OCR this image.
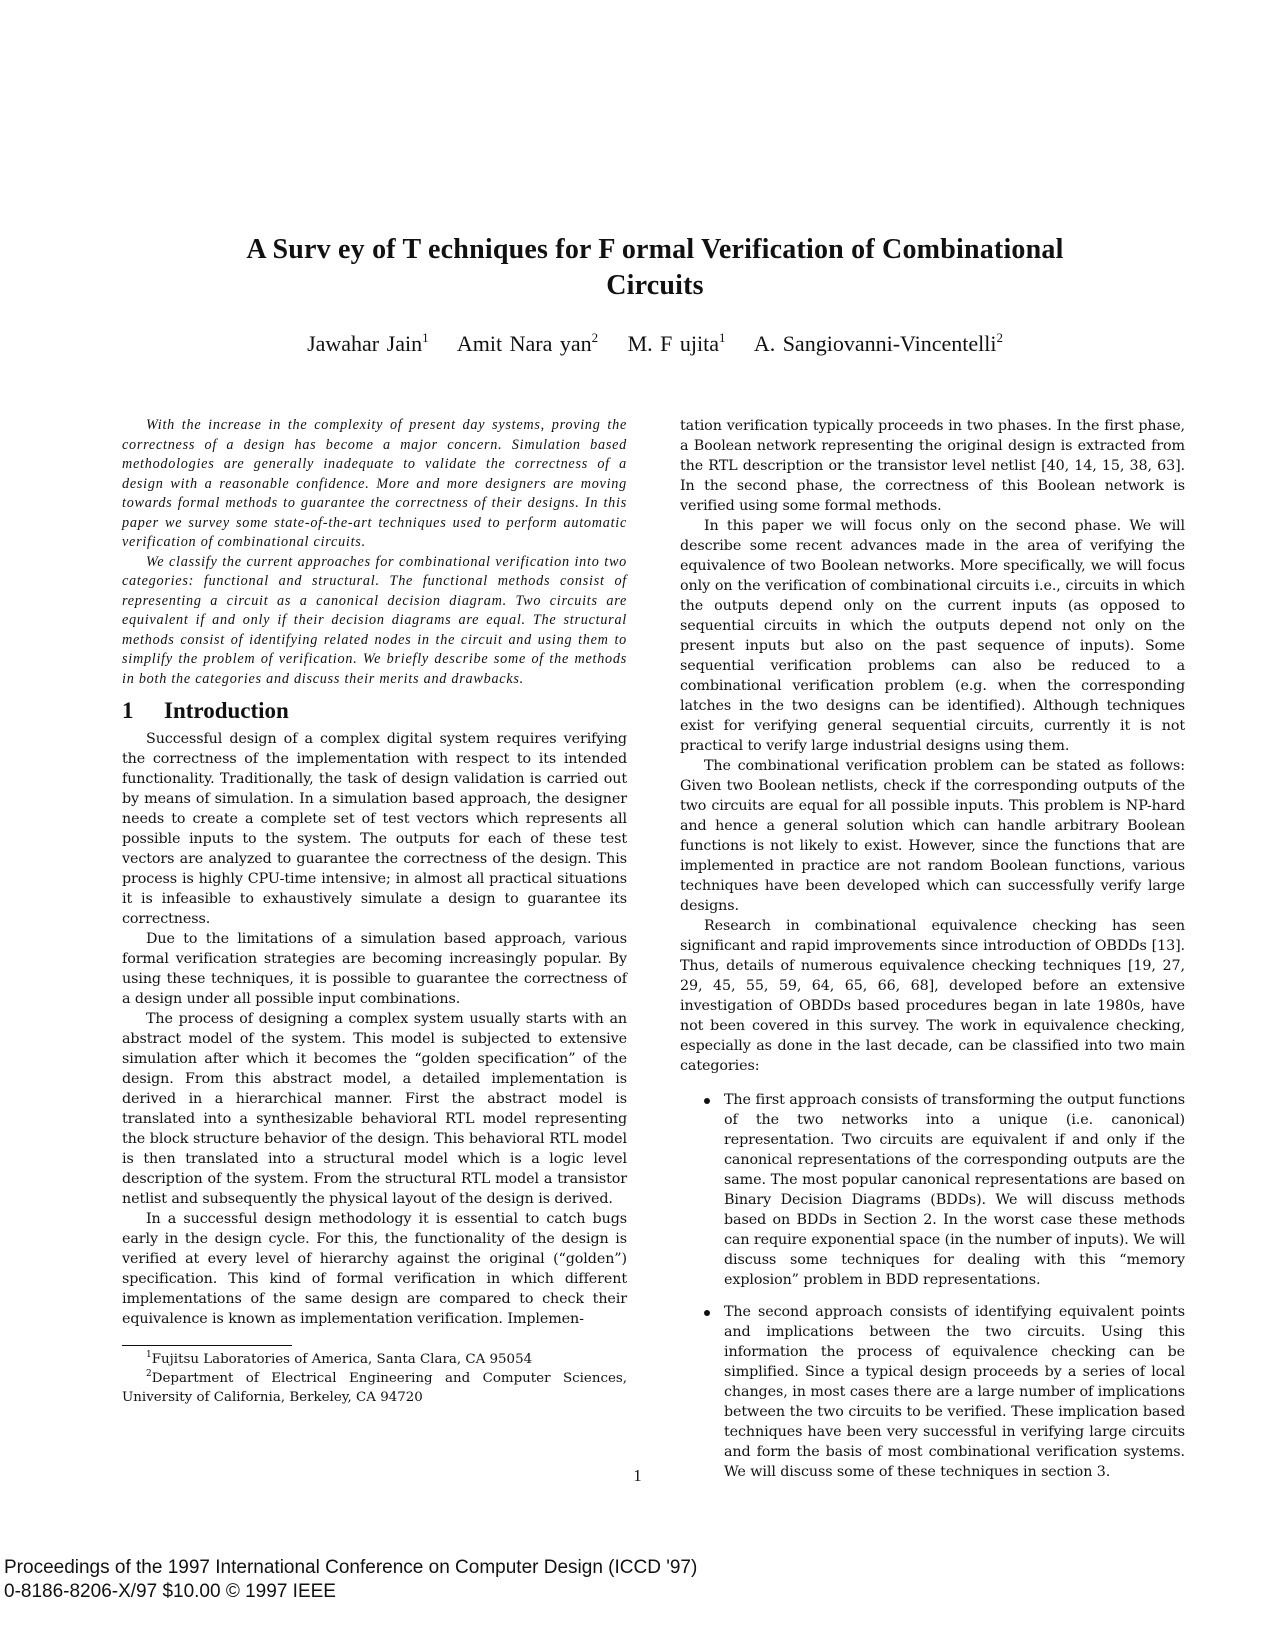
A Surv ey of T echniques for F ormal Verification of Combinational
Circuits
Jawahar Jain$^1$ Amit Nara yan$^2$ M. F ujita$^1$ A. Sangiovanni-Vincentelli$^2$

With the increase in the complexity of present day systems, proving the correctness of a design has become a major concern. Simulation based methodologies are generally inadequate to validate the correctness of a design with a reasonable confidence. More and more designers are moving towards formal methods to guarantee the correctness of their designs. In this paper we survey some state-of-the-art techniques used to perform automatic verification of combinational circuits.

We classify the current approaches for combinational verification into two categories: functional and structural. The functional methods consist of representing a circuit as a canonical decision diagram. Two circuits are equivalent if and only if their decision diagrams are equal. The structural methods consist of identifying related nodes in the circuit and using them to simplify the problem of verification. We briefly describe some of the methods in both the categories and discuss their merits and drawbacks.

1 Introduction

Successful design of a complex digital system requires verifying the correctness of the implementation with respect to its intended functionality. Traditionally, the task of design validation is carried out by means of simulation. In a simulation based approach, the designer needs to create a complete set of test vectors which represents all possible inputs to the system. The outputs for each of these test vectors are analyzed to guarantee the correctness of the design. This process is highly CPU-time intensive; in almost all practical situations it is infeasible to exhaustively simulate a design to guarantee its correctness.

Due to the limitations of a simulation based approach, various formal verification strategies are becoming increasingly popular. By using these techniques, it is possible to guarantee the correctness of a design under all possible input combinations.

The process of designing a complex system usually starts with an abstract model of the system. This model is subjected to extensive simulation after which it becomes the “golden specification” of the design. From this abstract model, a detailed implementation is derived in a hierarchical manner. First the abstract model is translated into a synthesizable behavioral RTL model representing the block structure behavior of the design. This behavioral RTL model is then translated into a structural model which is a logic level description of the system. From the structural RTL model a transistor netlist and subsequently the physical layout of the design is derived.

In a successful design methodology it is essential to catch bugs early in the design cycle. For this, the functionality of the design is verified at every level of hierarchy against the original (“golden”) specification. This kind of formal verification in which different implementations of the same design are compared to check their equivalence is known as implementation verification. Implemen-

$^1$Fujitsu Laboratories of America, Santa Clara, CA 95054

$^2$Department of Electrical Engineering and Computer Sciences, University of California, Berkeley, CA 94720

tation verification typically proceeds in two phases. In the first phase, a Boolean network representing the original design is extracted from the RTL description or the transistor level netlist [40, 14, 15, 38, 63]. In the second phase, the correctness of this Boolean network is verified using some formal methods.

In this paper we will focus only on the second phase. We will describe some recent advances made in the area of verifying the equivalence of two Boolean networks. More specifically, we will focus only on the verification of combinational circuits i.e., circuits in which the outputs depend only on the current inputs (as opposed to sequential circuits in which the outputs depend not only on the present inputs but also on the past sequence of inputs). Some sequential verification problems can also be reduced to a combinational verification problem (e.g. when the corresponding latches in the two designs can be identified). Although techniques exist for verifying general sequential circuits, currently it is not practical to verify large industrial designs using them.

The combinational verification problem can be stated as follows: Given two Boolean netlists, check if the corresponding outputs of the two circuits are equal for all possible inputs. This problem is NP-hard and hence a general solution which can handle arbitrary Boolean functions is not likely to exist. However, since the functions that are implemented in practice are not random Boolean functions, various techniques have been developed which can successfully verify large designs.

Research in combinational equivalence checking has seen significant and rapid improvements since introduction of OBDDs [13]. Thus, details of numerous equivalence checking techniques [19, 27, 29, 45, 55, 59, 64, 65, 66, 68], developed before an extensive investigation of OBDDs based procedures began in late 1980s, have not been covered in this survey. The work in equivalence checking, especially as done in the last decade, can be classified into two main categories:

The first approach consists of transforming the output functions of the two networks into a unique (i.e. canonical) representation. Two circuits are equivalent if and only if the canonical representations of the corresponding outputs are the same. The most popular canonical representations are based on Binary Decision Diagrams (BDDs). We will discuss methods based on BDDs in Section 2. In the worst case these methods can require exponential space (in the number of inputs). We will discuss some techniques for dealing with this “memory explosion” problem in BDD representations.

The second approach consists of identifying equivalent points and implications between the two circuits. Using this information the process of equivalence checking can be simplified. Since a typical design proceeds by a series of local changes, in most cases there are a large number of implications between the two circuits to be verified. These implication based techniques have been very successful in verifying large circuits and form the basis of most combinational verification systems. We will discuss some of these techniques in section 3.

1

Proceedings of the 1997 International Conference on Computer Design (ICCD '97)
0-8186-8206-X/97 $10.00 © 1997 IEEE
